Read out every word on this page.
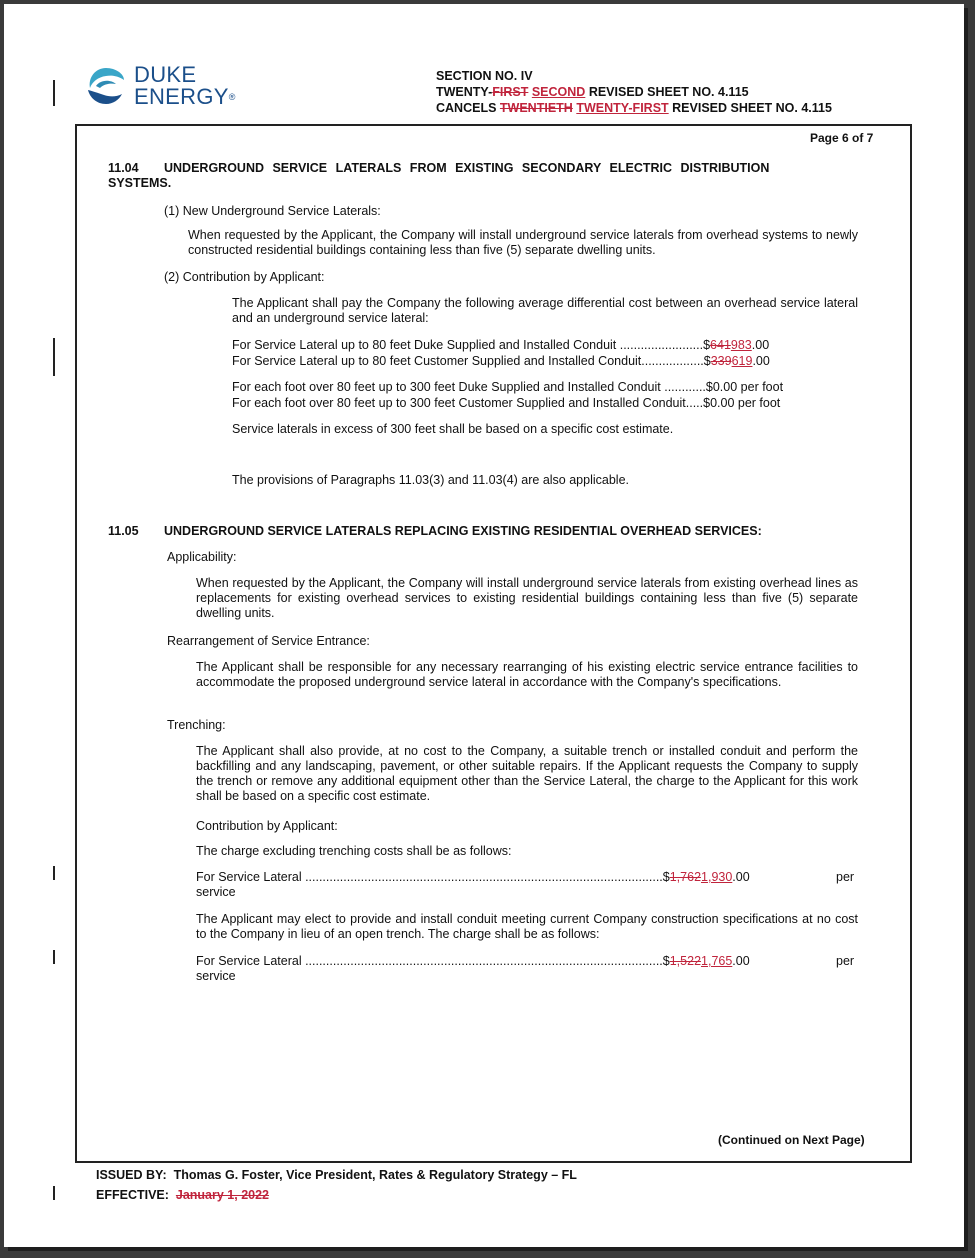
DUKE
ENERGY®
SECTION NO. IV
TWENTY-FIRST SECOND REVISED SHEET NO. 4.115
CANCELS TWENTIETH TWENTY-FIRST REVISED SHEET NO. 4.115
Page 6 of 7
11.04 UNDERGROUND SERVICE LATERALS FROM EXISTING SECONDARY ELECTRIC DISTRIBUTION
SYSTEMS.
(1) New Underground Service Laterals:
When requested by the Applicant, the Company will install underground service laterals from overhead systems to newly constructed residential buildings containing less than five (5) separate dwelling units.
(2) Contribution by Applicant:
The Applicant shall pay the Company the following average differential cost between an overhead service lateral and an underground service lateral:
For Service Lateral up to 80 feet Duke Supplied and Installed Conduit ........................$641983.00
For Service Lateral up to 80 feet Customer Supplied and Installed Conduit..................$339619.00
For each foot over 80 feet up to 300 feet Duke Supplied and Installed Conduit ............$0.00 per foot
For each foot over 80 feet up to 300 feet Customer Supplied and Installed Conduit.....$0.00 per foot
Service laterals in excess of 300 feet shall be based on a specific cost estimate.
The provisions of Paragraphs 11.03(3) and 11.03(4) are also applicable.
11.05 UNDERGROUND SERVICE LATERALS REPLACING EXISTING RESIDENTIAL OVERHEAD SERVICES:
Applicability:
When requested by the Applicant, the Company will install underground service laterals from existing overhead lines as replacements for existing overhead services to existing residential buildings containing less than five (5) separate dwelling units.
Rearrangement of Service Entrance:
The Applicant shall be responsible for any necessary rearranging of his existing electric service entrance facilities to accommodate the proposed underground service lateral in accordance with the Company's specifications.
Trenching:
The Applicant shall also provide, at no cost to the Company, a suitable trench or installed conduit and perform the backfilling and any landscaping, pavement, or other suitable repairs. If the Applicant requests the Company to supply the trench or remove any additional equipment other than the Service Lateral, the charge to the Applicant for this work shall be based on a specific cost estimate.
Contribution by Applicant:
The charge excluding trenching costs shall be as follows:
For Service Lateral .......................................................................................................$1,7621,930.00	per
service
The Applicant may elect to provide and install conduit meeting current Company construction specifications at no cost to the Company in lieu of an open trench. The charge shall be as follows:
For Service Lateral .......................................................................................................$1,5221,765.00	per
service
(Continued on Next Page)
ISSUED BY: Thomas G. Foster, Vice President, Rates & Regulatory Strategy – FL
EFFECTIVE: January 1, 2022
